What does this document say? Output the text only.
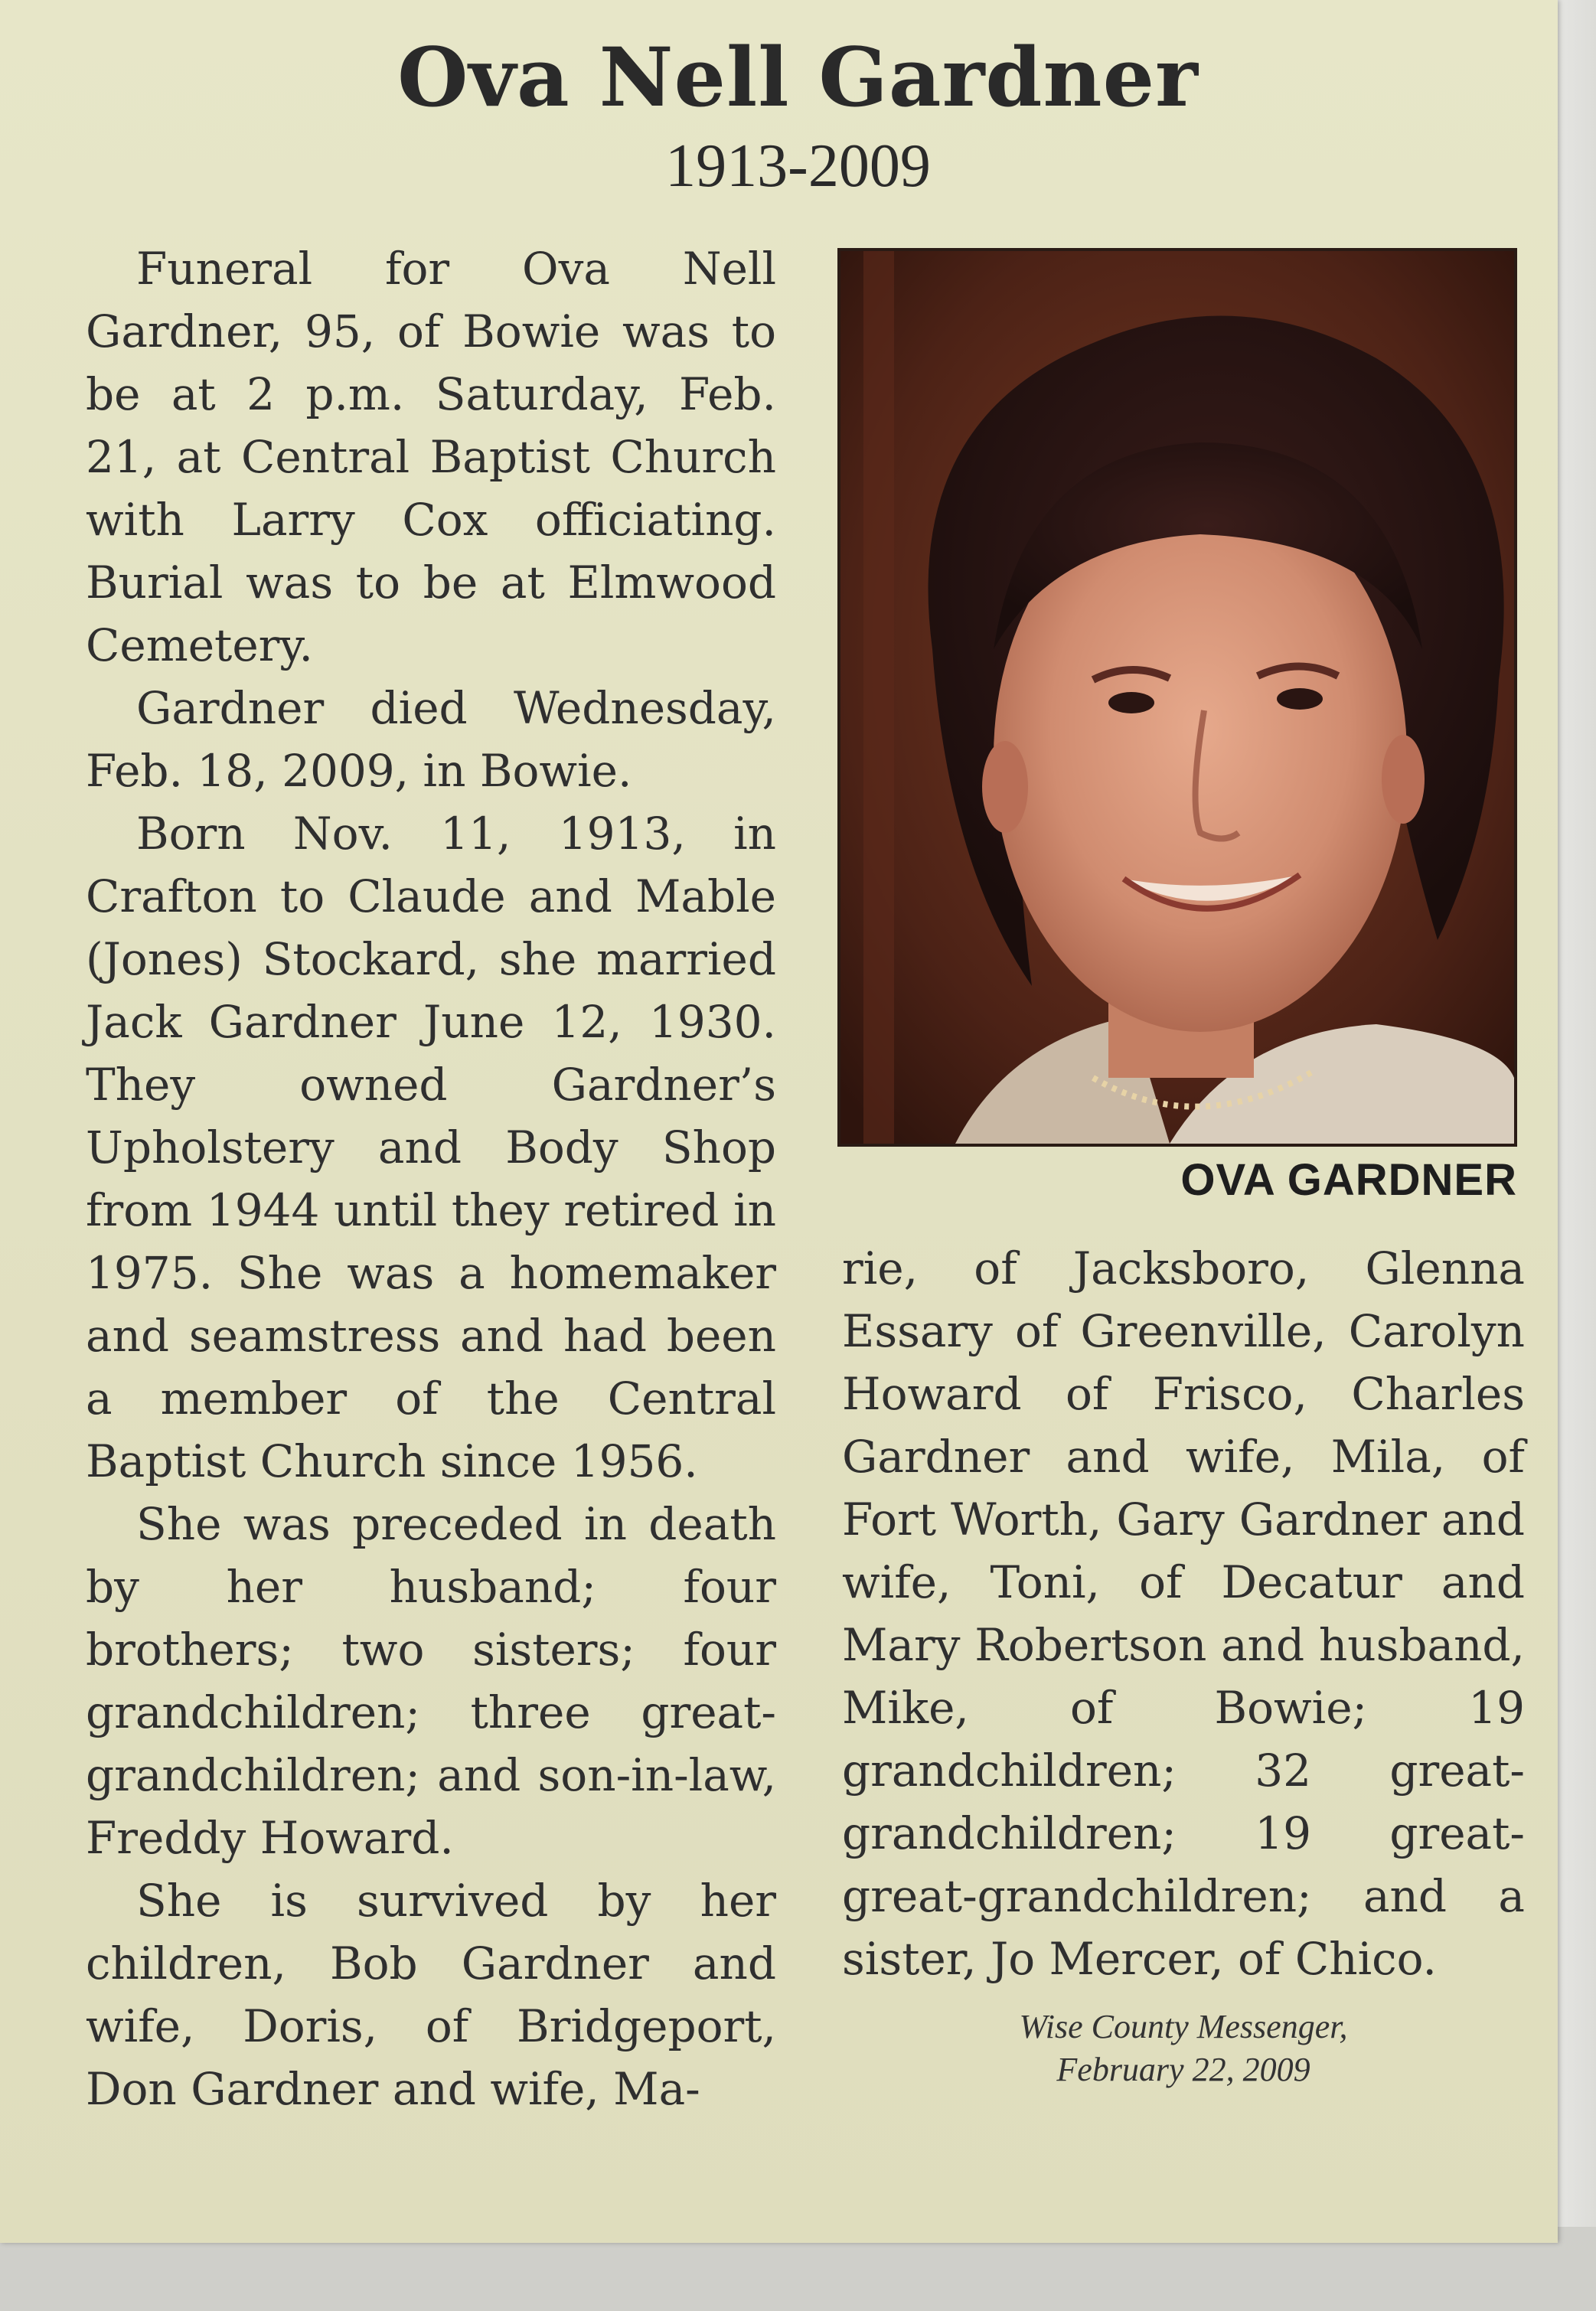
Ova Nell Gardner
1913-2009

Funeral for Ova Nell Gardner, 95, of Bowie was to be at 2 p.m. Saturday, Feb. 21, at Central Baptist Church with Larry Cox officiating. Burial was to be at Elmwood Cemetery.

Gardner died Wednesday, Feb. 18, 2009, in Bowie.

Born Nov. 11, 1913, in Crafton to Claude and Mable (Jones) Stockard, she married Jack Gardner June 12, 1930. They owned Gardner’s Upholstery and Body Shop from 1944 until they retired in 1975. She was a homemaker and seamstress and had been a member of the Central Baptist Church since 1956.

She was preceded in death by her husband; four brothers; two sisters; four grandchildren; three great-grandchildren; and son-in-law, Freddy Howard.

She is survived by her children, Bob Gardner and wife, Doris, of Bridgeport, Don Gardner and wife, Ma-

OVA GARDNER

rie, of Jacksboro, Glenna Essary of Greenville, Carolyn Howard of Frisco, Charles Gardner and wife, Mila, of Fort Worth, Gary Gardner and wife, Toni, of Decatur and Mary Robertson and husband, Mike, of Bowie; 19 grandchildren; 32 great-grandchildren; 19 great-great-grandchildren; and a sister, Jo Mercer, of Chico.

Wise County Messenger,
February 22, 2009
